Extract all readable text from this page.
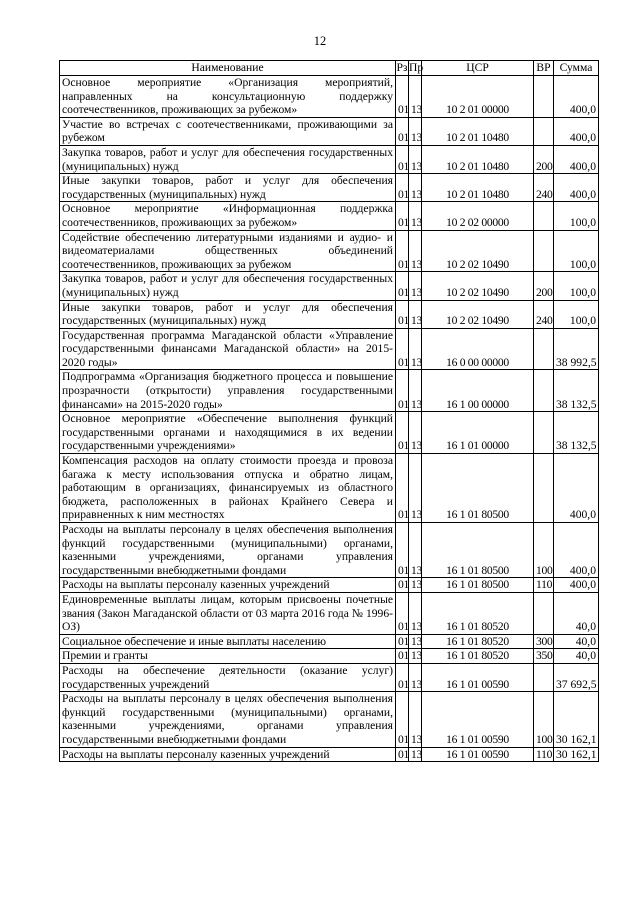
12
Наименование	Рз	Пр	ЦСР	ВР	Сумма
Основное мероприятие «Организация мероприятий, направленных на консультационную поддержку соотечественников, проживающих за рубежом»	01	13	10 2 01 00000		400,0
Участие во встречах с соотечественниками, проживающими за рубежом	01	13	10 2 01 10480		400,0
Закупка товаров, работ и услуг для обеспечения государственных (муниципальных) нужд	01	13	10 2 01 10480	200	400,0
Иные закупки товаров, работ и услуг для обеспечения государственных (муниципальных) нужд	01	13	10 2 01 10480	240	400,0
Основное мероприятие «Информационная поддержка соотечественников, проживающих за рубежом»	01	13	10 2 02 00000		100,0
Содействие обеспечению литературными изданиями и аудио- и видеоматериалами общественных объединений соотечественников, проживающих за рубежом	01	13	10 2 02 10490		100,0
Закупка товаров, работ и услуг для обеспечения государственных (муниципальных) нужд	01	13	10 2 02 10490	200	100,0
Иные закупки товаров, работ и услуг для обеспечения государственных (муниципальных) нужд	01	13	10 2 02 10490	240	100,0
Государственная программа Магаданской области «Управление государственными финансами Магаданской области» на 2015-2020 годы»	01	13	16 0 00 00000		38 992,5
Подпрограмма «Организация бюджетного процесса и повышение прозрачности (открытости) управления государственными финансами» на 2015-2020 годы»	01	13	16 1 00 00000		38 132,5
Основное мероприятие «Обеспечение выполнения функций государственными органами и находящимися в их ведении государственными учреждениями»	01	13	16 1 01 00000		38 132,5
Компенсация расходов на оплату стоимости проезда и провоза багажа к месту использования отпуска и обратно лицам, работающим в организациях, финансируемых из областного бюджета, расположенных в районах Крайнего Севера и приравненных к ним местностях	01	13	16 1 01 80500		400,0
Расходы на выплаты персоналу в целях обеспечения выполнения функций государственными (муниципальными) органами, казенными учреждениями, органами управления государственными внебюджетными фондами	01	13	16 1 01 80500	100	400,0
Расходы на выплаты персоналу казенных учреждений	01	13	16 1 01 80500	110	400,0
Единовременные выплаты лицам, которым присвоены почетные звания (Закон Магаданской области от 03 марта 2016 года № 1996-ОЗ)	01	13	16 1 01 80520		40,0
Социальное обеспечение и иные выплаты населению	01	13	16 1 01 80520	300	40,0
Премии и гранты	01	13	16 1 01 80520	350	40,0
Расходы на обеспечение деятельности (оказание услуг) государственных учреждений	01	13	16 1 01 00590		37 692,5
Расходы на выплаты персоналу в целях обеспечения выполнения функций государственными (муниципальными) органами, казенными учреждениями, органами управления государственными внебюджетными фондами	01	13	16 1 01 00590	100	30 162,1
Расходы на выплаты персоналу казенных учреждений	01	13	16 1 01 00590	110	30 162,1
